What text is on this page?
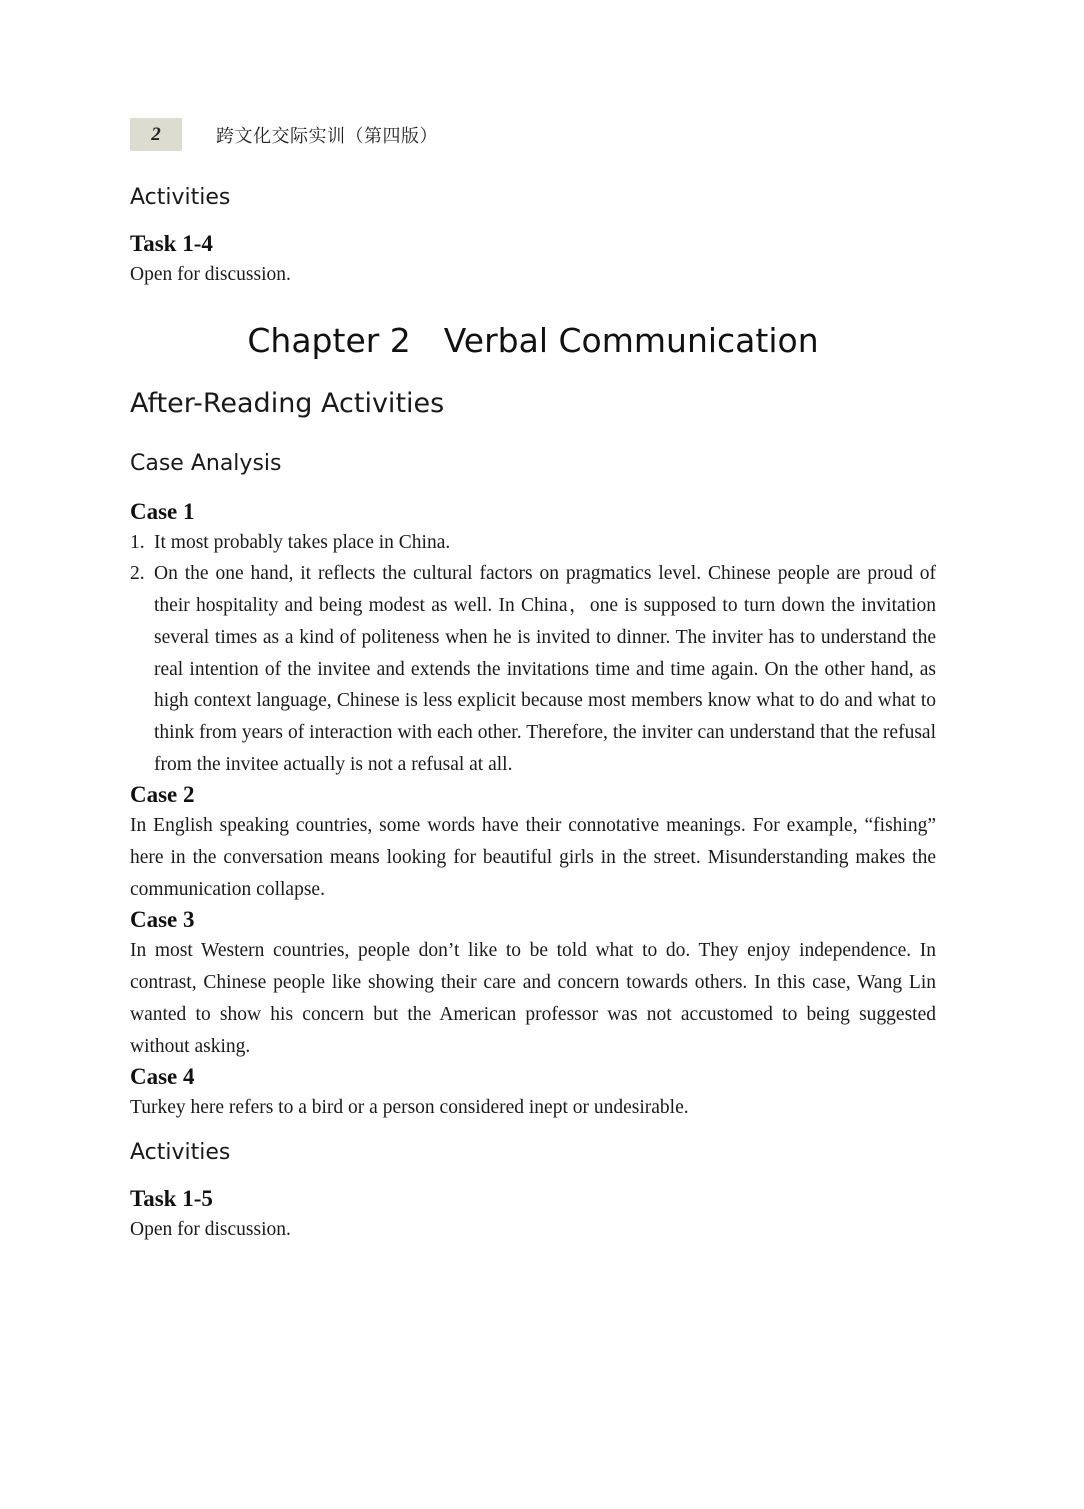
2	跨文化交际实训（第四版）
Activities
Task 1-4

Open for discussion.

Chapter 2　Verbal Communication
After-Reading Activities
Case Analysis
Case 1
1. It most probably takes place in China.
2. On the one hand, it reflects the cultural factors on pragmatics level. Chinese people are proud of their hospitality and being modest as well. In China，one is supposed to turn down the invitation several times as a kind of politeness when he is invited to dinner. The inviter has to understand the real intention of the invitee and extends the invitations time and time again. On the other hand, as high context language, Chinese is less explicit because most members know what to do and what to think from years of interaction with each other. Therefore, the inviter can understand that the refusal from the invitee actually is not a refusal at all.
Case 2

In English speaking countries, some words have their connotative meanings. For example, “fishing” here in the conversation means looking for beautiful girls in the street. Misunderstanding makes the communication collapse.

Case 3

In most Western countries, people don’t like to be told what to do. They enjoy independence. In contrast, Chinese people like showing their care and concern towards others. In this case, Wang Lin wanted to show his concern but the American professor was not accustomed to being suggested without asking.

Case 4

Turkey here refers to a bird or a person considered inept or undesirable.

Activities
Task 1-5

Open for discussion.
